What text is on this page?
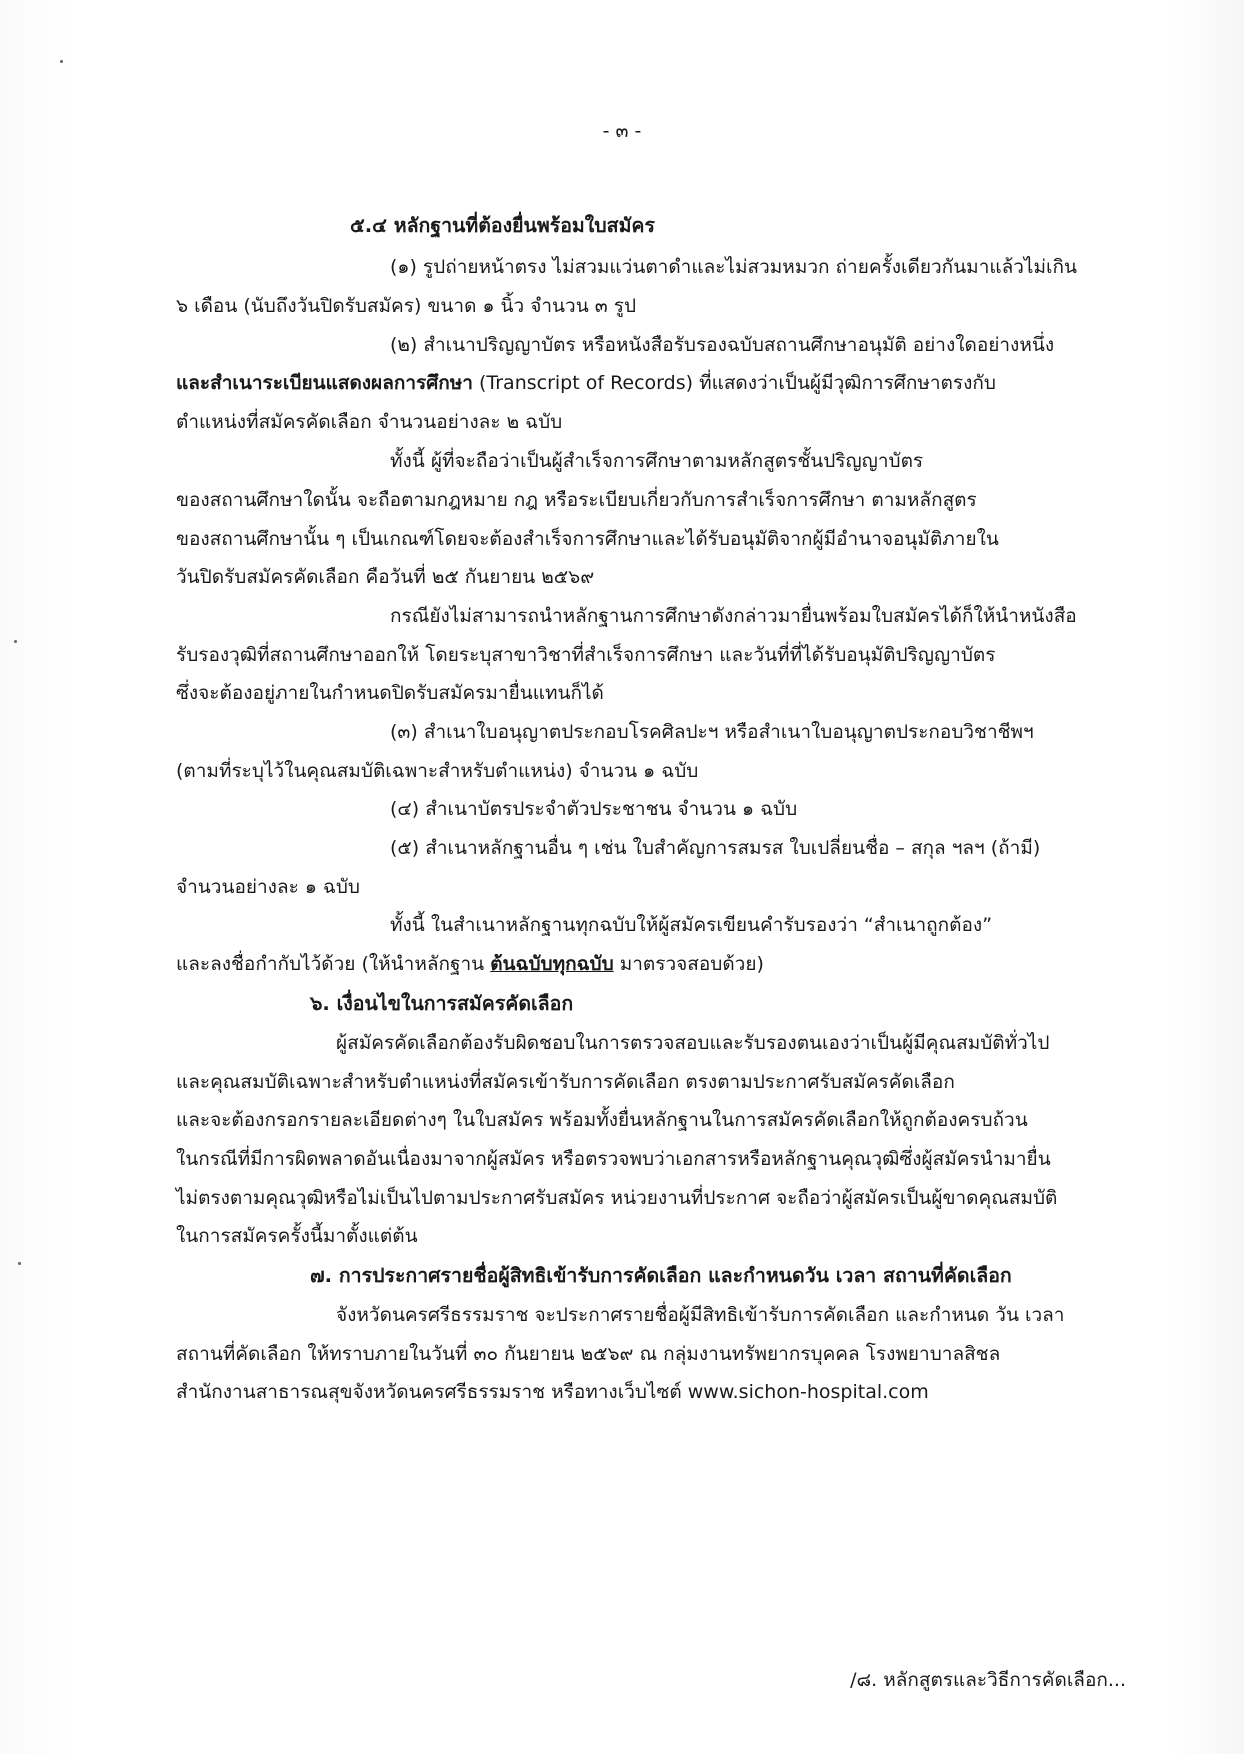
- ๓ -
๕.๔ หลักฐานที่ต้องยื่นพร้อมใบสมัคร
(๑) รูปถ่ายหน้าตรง ไม่สวมแว่นตาดำและไม่สวมหมวก ถ่ายครั้งเดียวกันมาแล้วไม่เกิน
๖ เดือน (นับถึงวันปิดรับสมัคร) ขนาด ๑ นิ้ว จำนวน ๓ รูป
(๒) สำเนาปริญญาบัตร หรือหนังสือรับรองฉบับสถานศึกษาอนุมัติ อย่างใดอย่างหนึ่ง
และสำเนาระเบียนแสดงผลการศึกษา (Transcript of Records) ที่แสดงว่าเป็นผู้มีวุฒิการศึกษาตรงกับ
ตำแหน่งที่สมัครคัดเลือก จำนวนอย่างละ ๒ ฉบับ
ทั้งนี้ ผู้ที่จะถือว่าเป็นผู้สำเร็จการศึกษาตามหลักสูตรชั้นปริญญาบัตร
ของสถานศึกษาใดนั้น จะถือตามกฎหมาย กฎ หรือระเบียบเกี่ยวกับการสำเร็จการศึกษา ตามหลักสูตร
ของสถานศึกษานั้น ๆ เป็นเกณฑ์โดยจะต้องสำเร็จการศึกษาและได้รับอนุมัติจากผู้มีอำนาจอนุมัติภายใน
วันปิดรับสมัครคัดเลือก คือวันที่ ๒๕ กันยายน ๒๕๖๙
กรณียังไม่สามารถนำหลักฐานการศึกษาดังกล่าวมายื่นพร้อมใบสมัครได้ก็ให้นำหนังสือ
รับรองวุฒิที่สถานศึกษาออกให้ โดยระบุสาขาวิชาที่สำเร็จการศึกษา และวันที่ที่ได้รับอนุมัติปริญญาบัตร
ซึ่งจะต้องอยู่ภายในกำหนดปิดรับสมัครมายื่นแทนก็ได้
(๓) สำเนาใบอนุญาตประกอบโรคศิลปะฯ หรือสำเนาใบอนุญาตประกอบวิชาชีพฯ
(ตามที่ระบุไว้ในคุณสมบัติเฉพาะสำหรับตำแหน่ง) จำนวน ๑ ฉบับ
(๔) สำเนาบัตรประจำตัวประชาชน จำนวน ๑ ฉบับ
(๕) สำเนาหลักฐานอื่น ๆ เช่น ใบสำคัญการสมรส ใบเปลี่ยนชื่อ – สกุล ฯลฯ (ถ้ามี)
จำนวนอย่างละ ๑ ฉบับ
ทั้งนี้ ในสำเนาหลักฐานทุกฉบับให้ผู้สมัครเขียนคำรับรองว่า “สำเนาถูกต้อง”
และลงชื่อกำกับไว้ด้วย (ให้นำหลักฐาน ต้นฉบับทุกฉบับ มาตรวจสอบด้วย)
๖. เงื่อนไขในการสมัครคัดเลือก
ผู้สมัครคัดเลือกต้องรับผิดชอบในการตรวจสอบและรับรองตนเองว่าเป็นผู้มีคุณสมบัติทั่วไป
และคุณสมบัติเฉพาะสำหรับตำแหน่งที่สมัครเข้ารับการคัดเลือก ตรงตามประกาศรับสมัครคัดเลือก
และจะต้องกรอกรายละเอียดต่างๆ ในใบสมัคร พร้อมทั้งยื่นหลักฐานในการสมัครคัดเลือกให้ถูกต้องครบถ้วน
ในกรณีที่มีการผิดพลาดอันเนื่องมาจากผู้สมัคร หรือตรวจพบว่าเอกสารหรือหลักฐานคุณวุฒิซึ่งผู้สมัครนำมายื่น
ไม่ตรงตามคุณวุฒิหรือไม่เป็นไปตามประกาศรับสมัคร หน่วยงานที่ประกาศ จะถือว่าผู้สมัครเป็นผู้ขาดคุณสมบัติ
ในการสมัครครั้งนี้มาตั้งแต่ต้น
๗. การประกาศรายชื่อผู้สิทธิเข้ารับการคัดเลือก และกำหนดวัน เวลา สถานที่คัดเลือก
จังหวัดนครศรีธรรมราช จะประกาศรายชื่อผู้มีสิทธิเข้ารับการคัดเลือก และกำหนด วัน เวลา
สถานที่คัดเลือก ให้ทราบภายในวันที่ ๓๐ กันยายน ๒๕๖๙ ณ กลุ่มงานทรัพยากรบุคคล โรงพยาบาลสิชล
สำนักงานสาธารณสุขจังหวัดนครศรีธรรมราช หรือทางเว็บไซต์ www.sichon-hospital.com
/๘. หลักสูตรและวิธีการคัดเลือก...
